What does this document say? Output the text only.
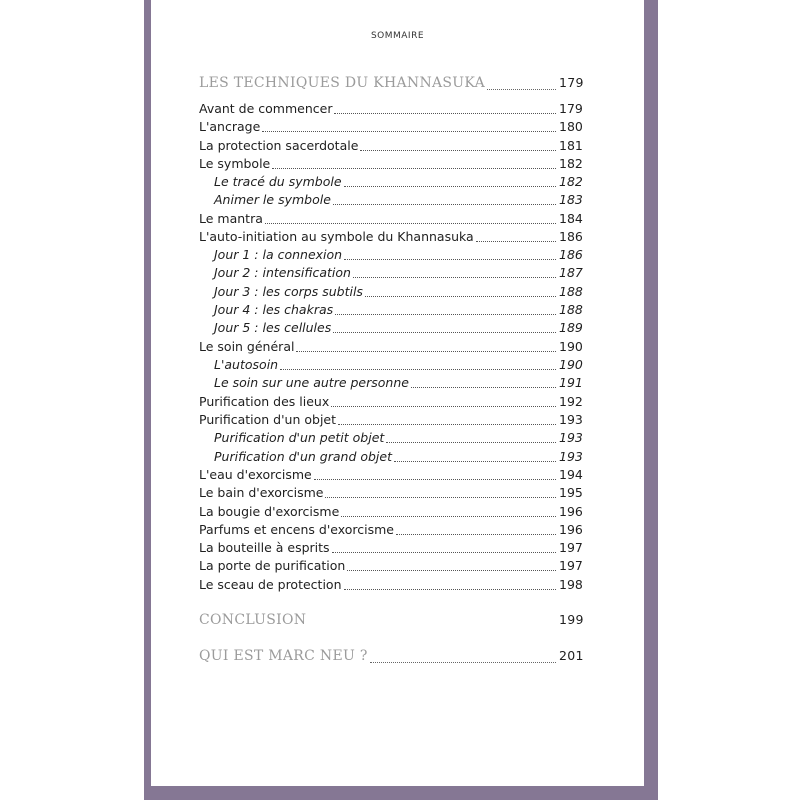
SOMMAIRE
LES TECHNIQUES DU KHANNASUKA	179
Avant de commencer	179
L'ancrage	180
La protection sacerdotale	181
Le symbole	182
Le tracé du symbole	182
Animer le symbole	183
Le mantra	184
L'auto-initiation au symbole du Khannasuka	186
Jour 1 : la connexion	186
Jour 2 : intensification	187
Jour 3 : les corps subtils	188
Jour 4 : les chakras	188
Jour 5 : les cellules	189
Le soin général	190
L'autosoin	190
Le soin sur une autre personne	191
Purification des lieux	192
Purification d'un objet	193
Purification d'un petit objet	193
Purification d'un grand objet	193
L'eau d'exorcisme	194
Le bain d'exorcisme	195
La bougie d'exorcisme	196
Parfums et encens d'exorcisme	196
La bouteille à esprits	197
La porte de purification	197
Le sceau de protection	198
CONCLUSION	199
QUI EST MARC NEU ?	201
